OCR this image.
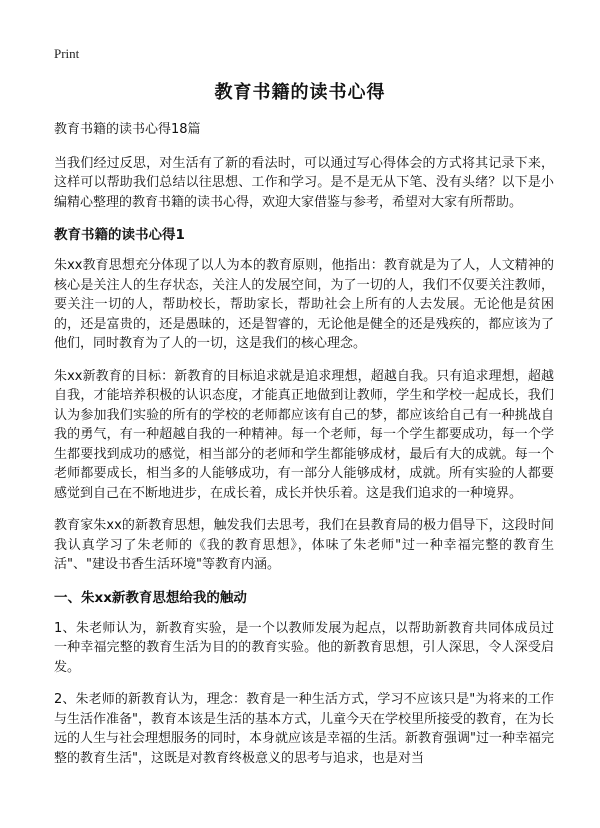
Print
教育书籍的读书心得

教育书籍的读书心得18篇

当我们经过反思，对生活有了新的看法时，可以通过写心得体会的方式将其记录下来，这样可以帮助我们总结以往思想、工作和学习。是不是无从下笔、没有头绪？以下是小编精心整理的教育书籍的读书心得，欢迎大家借鉴与参考，希望对大家有所帮助。

教育书籍的读书心得1

朱xx教育思想充分体现了以人为本的教育原则，他指出：教育就是为了人，人文精神的核心是关注人的生存状态，关注人的发展空间，为了一切的人，我们不仅要关注教师，要关注一切的人，帮助校长，帮助家长，帮助社会上所有的人去发展。无论他是贫困的，还是富贵的，还是愚昧的，还是智睿的，无论他是健全的还是残疾的，都应该为了他们，同时教育为了人的一切，这是我们的核心理念。

朱xx新教育的目标：新教育的目标追求就是追求理想，超越自我。只有追求理想，超越自我，才能培养积极的认识态度，才能真正地做到让教师，学生和学校一起成长，我们认为参加我们实验的所有的学校的老师都应该有自己的梦，都应该给自己有一种挑战自我的勇气，有一种超越自我的一种精神。每一个老师，每一个学生都要成功，每一个学生都要找到成功的感觉，相当部分的老师和学生都能够成材，最后有大的成就。每一个老师都要成长，相当多的人能够成功，有一部分人能够成材，成就。所有实验的人都要感觉到自己在不断地进步，在成长着，成长并快乐着。这是我们追求的一种境界。

教育家朱xx的新教育思想，触发我们去思考，我们在县教育局的极力倡导下，这段时间我认真学习了朱老师的《我的教育思想》，体味了朱老师"过一种幸福完整的教育生活"、"建设书香生活环境"等教育内涵。

一、朱xx新教育思想给我的触动

1、朱老师认为，新教育实验，是一个以教师发展为起点，以帮助新教育共同体成员过一种幸福完整的教育生活为目的的教育实验。他的新教育思想，引人深思，令人深受启发。

2、朱老师的新教育认为，理念：教育是一种生活方式，学习不应该只是"为将来的工作与生活作准备"，教育本该是生活的基本方式，儿童今天在学校里所接受的教育，在为长远的人生与社会理想服务的同时，本身就应该是幸福的生活。新教育强调"过一种幸福完整的教育生活"，这既是对教育终极意义的思考与追求，也是对当
